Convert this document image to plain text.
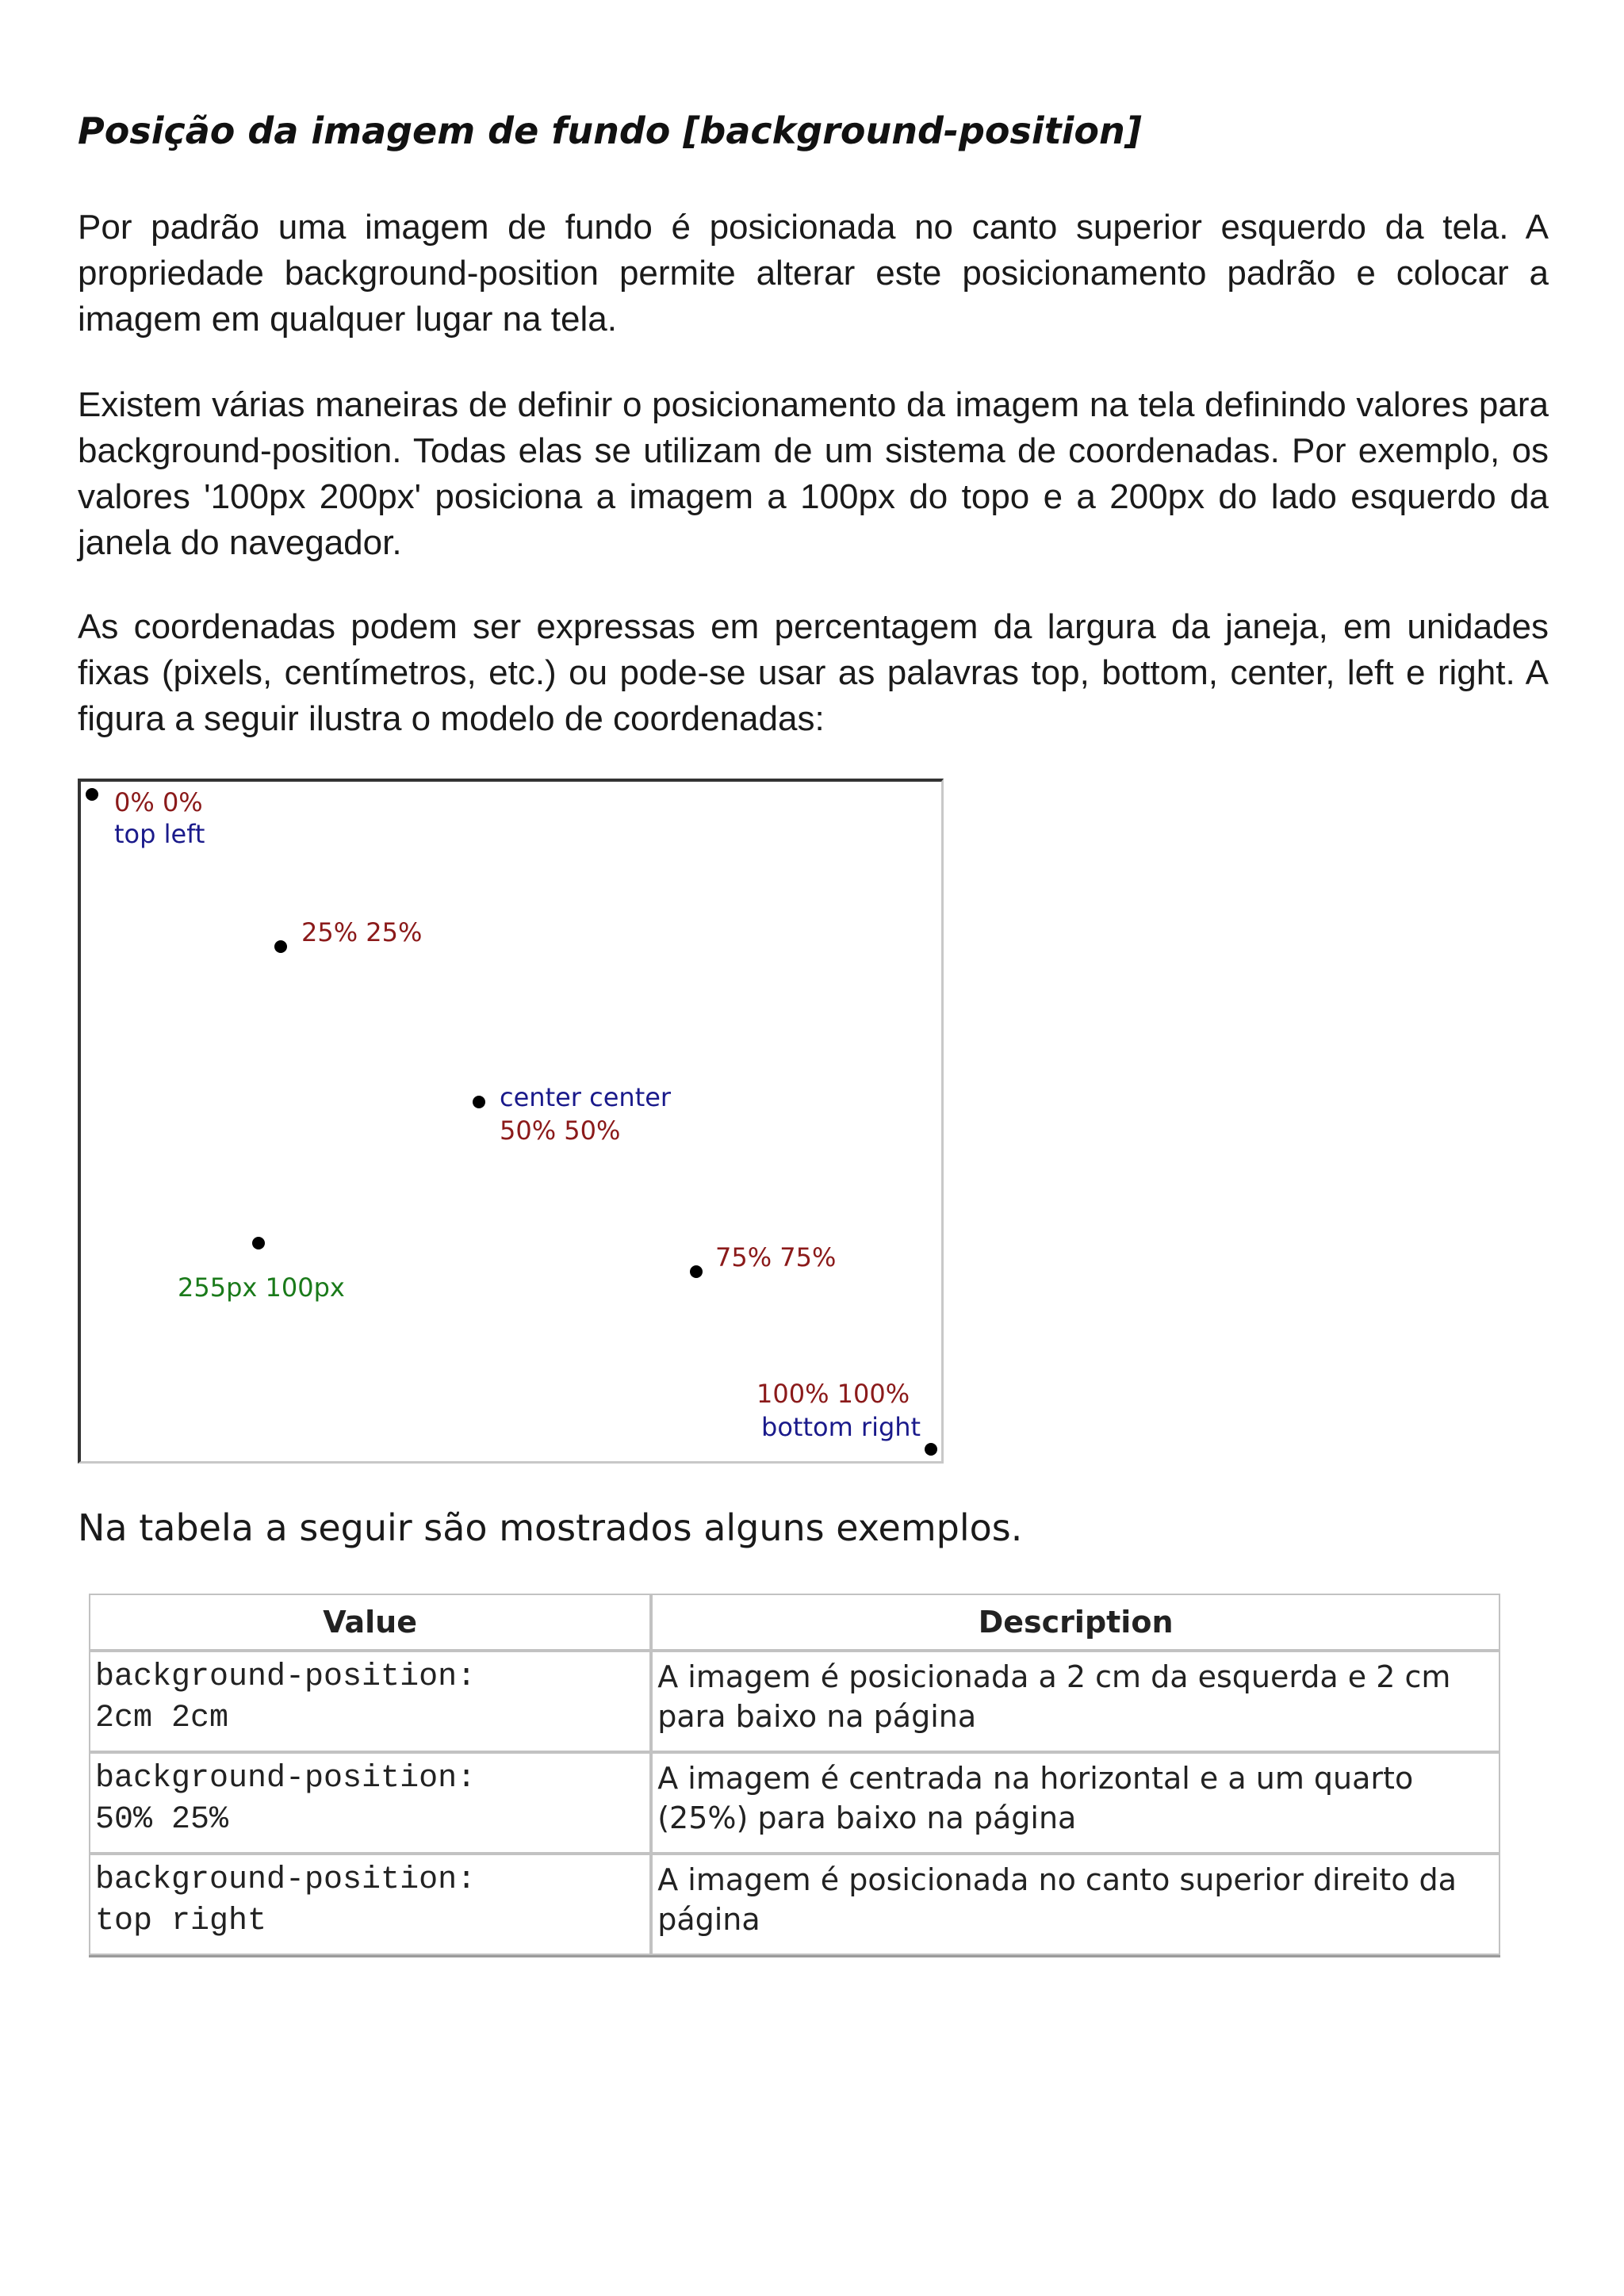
Posição da imagem de fundo [background-position]

Por padrão uma imagem de fundo é posicionada no canto superior esquerdo da tela. A propriedade background-position permite alterar este posicionamento padrão e colocar a imagem em qualquer lugar na tela.

Existem várias maneiras de definir o posicionamento da imagem na tela definindo valores para background-position. Todas elas se utilizam de um sistema de coordenadas. Por exemplo, os valores '100px 200px' posiciona a imagem a 100px do topo e a 200px do lado esquerdo da janela do navegador.

As coordenadas podem ser expressas em percentagem da largura da janeja, em unidades fixas (pixels, centímetros, etc.) ou pode-se usar as palavras top, bottom, center, left e right. A figura a seguir ilustra o modelo de coordenadas:

0% 0%
top left
25% 25%
center center
50% 50%
255px 100px
75% 75%
100% 100%
bottom right

Na tabela a seguir são mostrados alguns exemplos.

Value	Description
background-position:
2cm 2cm	A imagem é posicionada a 2 cm da esquerda e 2 cm para baixo na página
background-position:
50% 25%	A imagem é centrada na horizontal e a um quarto (25%) para baixo na página
background-position:
top right	A imagem é posicionada no canto superior direito da página
